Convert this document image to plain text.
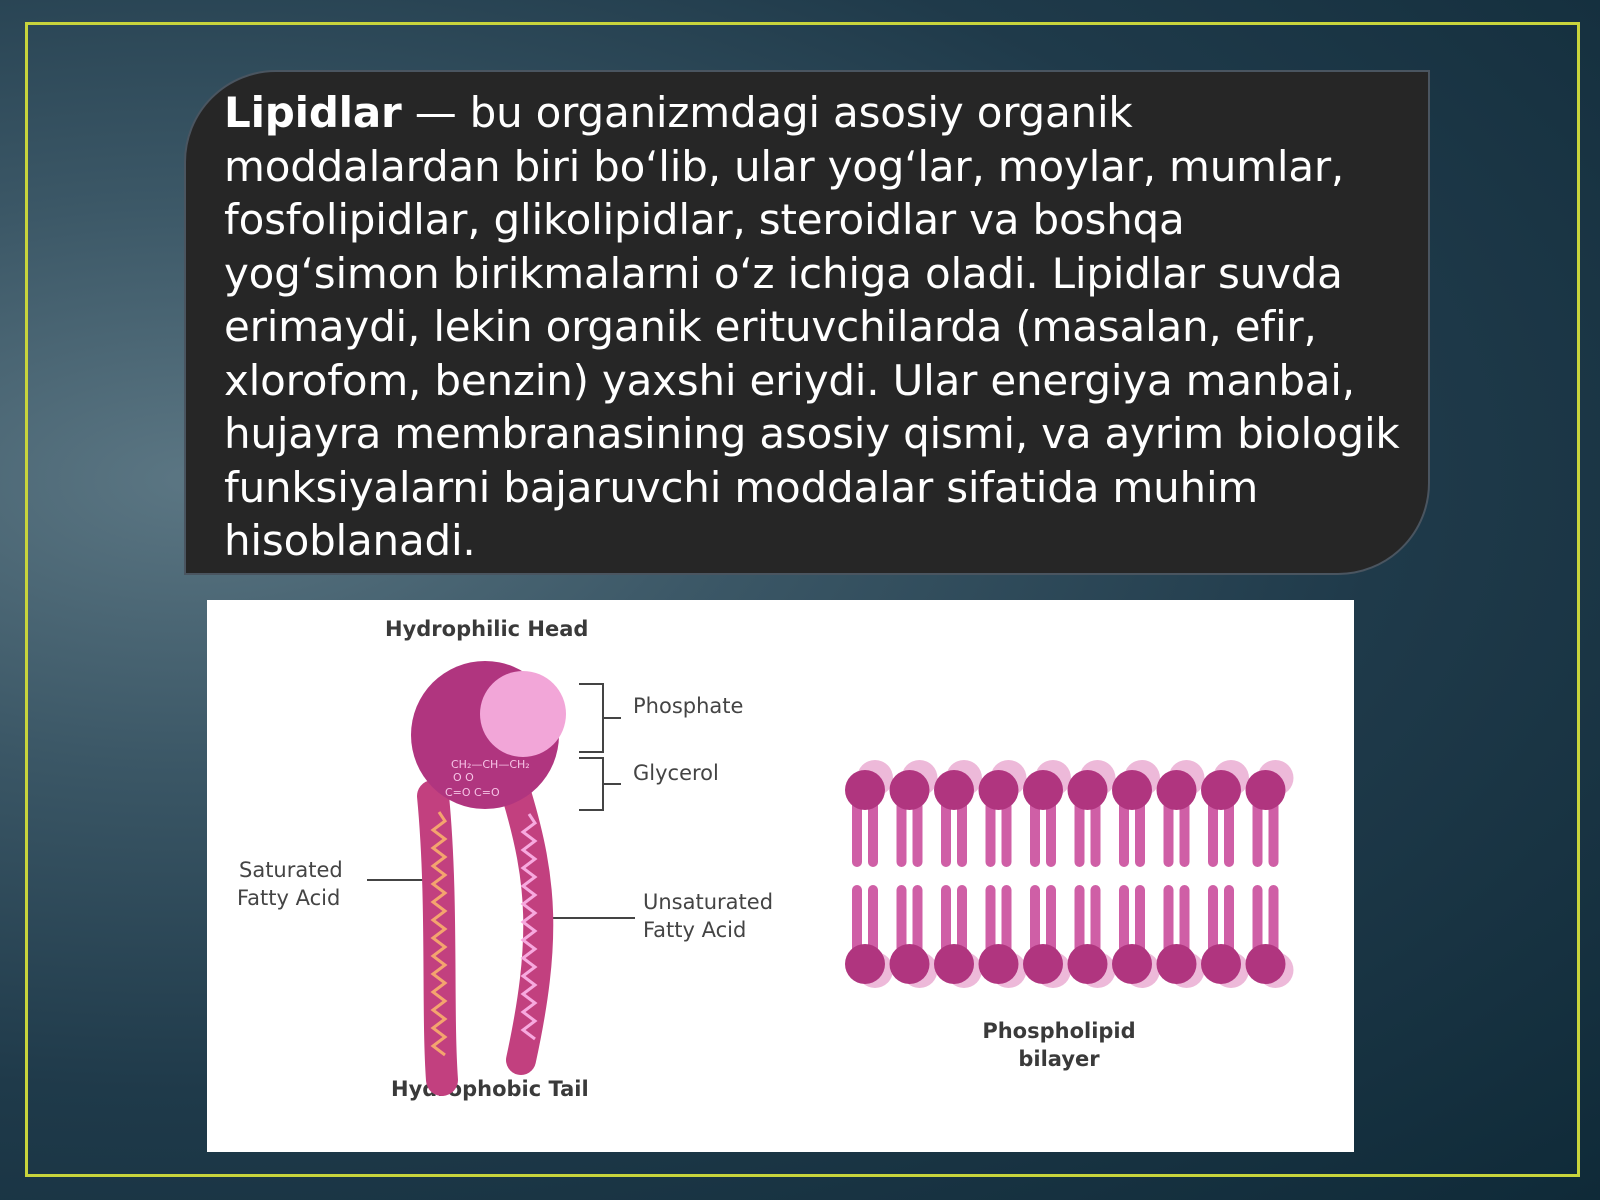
Lipidlar — bu organizmdagi asosiy organik moddalardan biri bo‘lib, ular yog‘lar, moylar, mumlar, fosfolipidlar, glikolipidlar, steroidlar va boshqa yog‘simon birikmalarni o‘z ichiga oladi. Lipidlar suvda erimaydi, lekin organik erituvchilarda (masalan, efir, xlorofom, benzin) yaxshi eriydi. Ular energiya manbai, hujayra membranasining asosiy qismi, va ayrim biologik funksiyalarni bajaruvchi moddalar sifatida muhim hisoblanadi.

Hydrophilic Head
Phosphate
Glycerol
Saturated
Fatty Acid	Unsaturated
Fatty Acid
Hydrophobic Tail
Phospholipid
bilayer
CH₂—CH—CH₂
O O
C=O C=O
